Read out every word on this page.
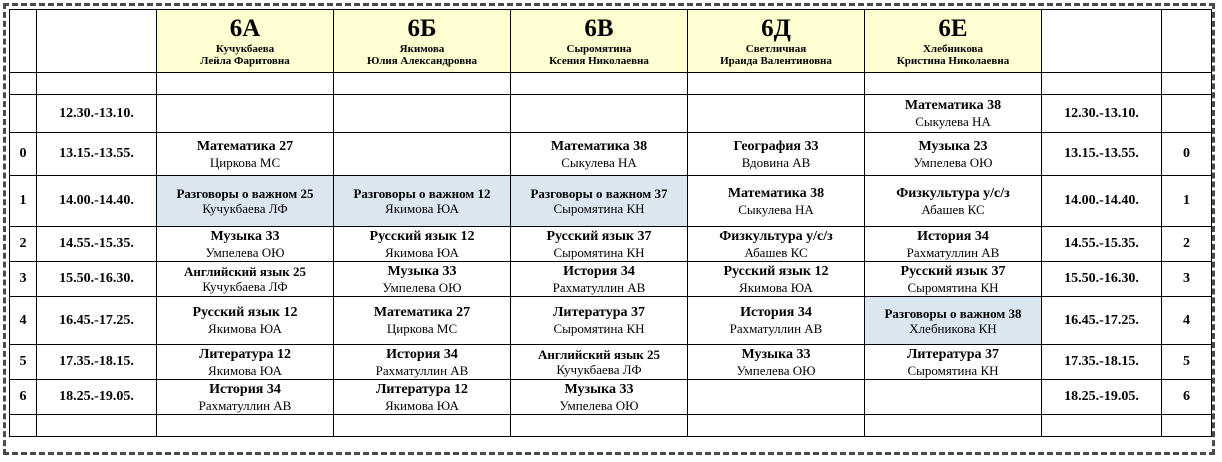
		6А
Кучукбаева
Лейла Фаритовна	6Б
Якимова
Юлия Александровна	6В
Сыромятина
Ксения Николаевна	6Д
Светличная
Ираида Валентиновна	6Е
Хлебникова
Кристина Николаевна		

	12.30.-13.10.					Математика 38
Сыкулева НА	12.30.-13.10.	
0	13.15.-13.55.	Математика 27
Циркова МС		Математика 38
Сыкулева НА	География 33
Вдовина АВ	Музыка 23
Умпелева ОЮ	13.15.-13.55.	0
1	14.00.-14.40.	Разговоры о важном 25
Кучукбаева ЛФ	Разговоры о важном 12
Якимова ЮА	Разговоры о важном 37
Сыромятина КН	Математика 38
Сыкулева НА	Физкультура у/с/з
Абашев КС	14.00.-14.40.	1
2	14.55.-15.35.	Музыка 33
Умпелева ОЮ	Русский язык 12
Якимова ЮА	Русский язык 37
Сыромятина КН	Физкультура у/с/з
Абашев КС	История 34
Рахматуллин АВ	14.55.-15.35.	2
3	15.50.-16.30.	Английский язык 25
Кучукбаева ЛФ	Музыка 33
Умпелева ОЮ	История 34
Рахматуллин АВ	Русский язык 12
Якимова ЮА	Русский язык 37
Сыромятина КН	15.50.-16.30.	3
4	16.45.-17.25.	Русский язык 12
Якимова ЮА	Математика 27
Циркова МС	Литература 37
Сыромятина КН	История 34
Рахматуллин АВ	Разговоры о важном 38
Хлебникова КН	16.45.-17.25.	4
5	17.35.-18.15.	Литература 12
Якимова ЮА	История 34
Рахматуллин АВ	Английский язык 25
Кучукбаева ЛФ	Музыка 33
Умпелева ОЮ	Литература 37
Сыромятина КН	17.35.-18.15.	5
6	18.25.-19.05.	История 34
Рахматуллин АВ	Литература 12
Якимова ЮА	Музыка 33
Умпелева ОЮ			18.25.-19.05.	6
